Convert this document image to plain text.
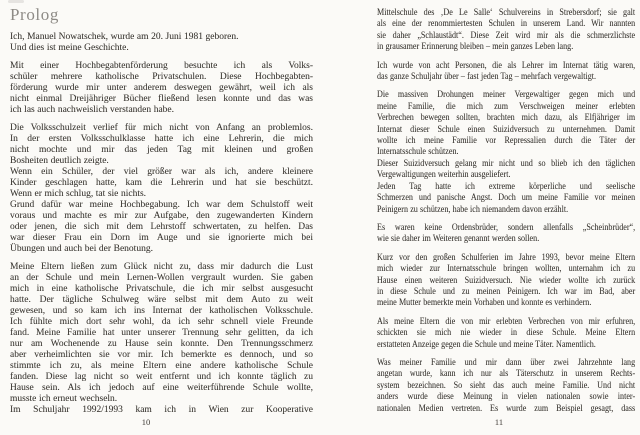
Prolog
Ich, Manuel Nowatschek, wurde am 20. Juni 1981 geboren.
Und dies ist meine Geschichte.
Mit einer Hochbegabtenförderung besuchte ich als Volks-
schüler mehrere katholische Privatschulen. Diese Hochbegabten-
förderung wurde mir unter anderem deswegen gewährt, weil ich als
nicht einmal Dreijähriger Bücher fließend lesen konnte und das was
ich las auch nachweislich verstanden habe.
Die Volksschulzeit verlief für mich nicht von Anfang an problemlos.
In der ersten Volksschulklasse hatte ich eine Lehrerin, die mich
nicht mochte und mir das jeden Tag mit kleinen und großen
Bosheiten deutlich zeigte.
Wenn ein Schüler, der viel größer war als ich, andere kleinere
Kinder geschlagen hatte, kam die Lehrerin und hat sie beschützt.
Wenn er mich schlug, tat sie nichts.
Grund dafür war meine Hochbegabung. Ich war dem Schulstoff weit
voraus und machte es mir zur Aufgabe, den zugewanderten Kindern
oder jenen, die sich mit dem Lehrstoff schwertaten, zu helfen. Das
war dieser Frau ein Dorn im Auge und sie ignorierte mich bei
Übungen und auch bei der Benotung.
Meine Eltern ließen zum Glück nicht zu, dass mir dadurch die Lust
an der Schule und mein Lernen-Wollen vergrault wurden. Sie gaben
mich in eine katholische Privatschule, die ich mir selbst ausgesucht
hatte. Der tägliche Schulweg wäre selbst mit dem Auto zu weit
gewesen, und so kam ich ins Internat der katholischen Volksschule.
Ich fühlte mich dort sehr wohl, da ich sehr schnell viele Freunde
fand. Meine Familie hat unter unserer Trennung sehr gelitten, da ich
nur am Wochenende zu Hause sein konnte. Den Trennungsschmerz
aber verheimlichten sie vor mir. Ich bemerkte es dennoch, und so
stimmte ich zu, als meine Eltern eine andere katholische Schule
fanden. Diese lag nicht so weit entfernt und ich konnte täglich zu
Hause sein. Als ich jedoch auf eine weiterführende Schule wollte,
musste ich erneut wechseln.
Im Schuljahr 1992/1993 kam ich in Wien zur Kooperative
Mittelschule des ‚De Le Salle‘ Schulvereins in Strebersdorf; sie galt
als eine der renommiertesten Schulen in unserem Land. Wir nannten
sie daher „Schlaustädt“. Diese Zeit wird mir als die schmerzlichste
in grausamer Erinnerung bleiben – mein ganzes Leben lang.
Ich wurde von acht Personen, die als Lehrer im Internat tätig waren,
das ganze Schuljahr über – fast jeden Tag – mehrfach vergewaltigt.
Die massiven Drohungen meiner Vergewaltiger gegen mich und
meine Familie, die mich zum Verschweigen meiner erlebten
Verbrechen bewegen sollten, brachten mich dazu, als Elfjähriger im
Internat dieser Schule einen Suizidversuch zu unternehmen. Damit
wollte ich meine Familie vor Repressalien durch die Täter der
Internatsschule schützen.
Dieser Suizidversuch gelang mir nicht und so blieb ich den täglichen
Vergewaltigungen weiterhin ausgeliefert.
Jeden Tag hatte ich extreme körperliche und seelische
Schmerzen und panische Angst. Doch um meine Familie vor meinen
Peinigern zu schützen, habe ich niemandem davon erzählt.
Es waren keine Ordensbrüder, sondern allenfalls „Scheinbrüder“,
wie sie daher im Weiteren genannt werden sollen.
Kurz vor den großen Schulferien im Jahre 1993, bevor meine Eltern
mich wieder zur Internatsschule bringen wollten, unternahm ich zu
Hause einen weiteren Suizidversuch. Nie wieder wollte ich zurück
in diese Schule und zu meinen Peinigern. Ich war im Bad, aber
meine Mutter bemerkte mein Vorhaben und konnte es verhindern.
Als meine Eltern die von mir erlebten Verbrechen von mir erfuhren,
schickten sie mich nie wieder in diese Schule. Meine Eltern
erstatteten Anzeige gegen die Schule und meine Täter. Namentlich.
Was meiner Familie und mir dann über zwei Jahrzehnte lang
angetan wurde, kann ich nur als Täterschutz in unserem Rechts-
system bezeichnen. So sieht das auch meine Familie. Und nicht
anders wurde diese Meinung in vielen nationalen sowie inter-
nationalen Medien vertreten. Es wurde zum Beispiel gesagt, dass
10	11
